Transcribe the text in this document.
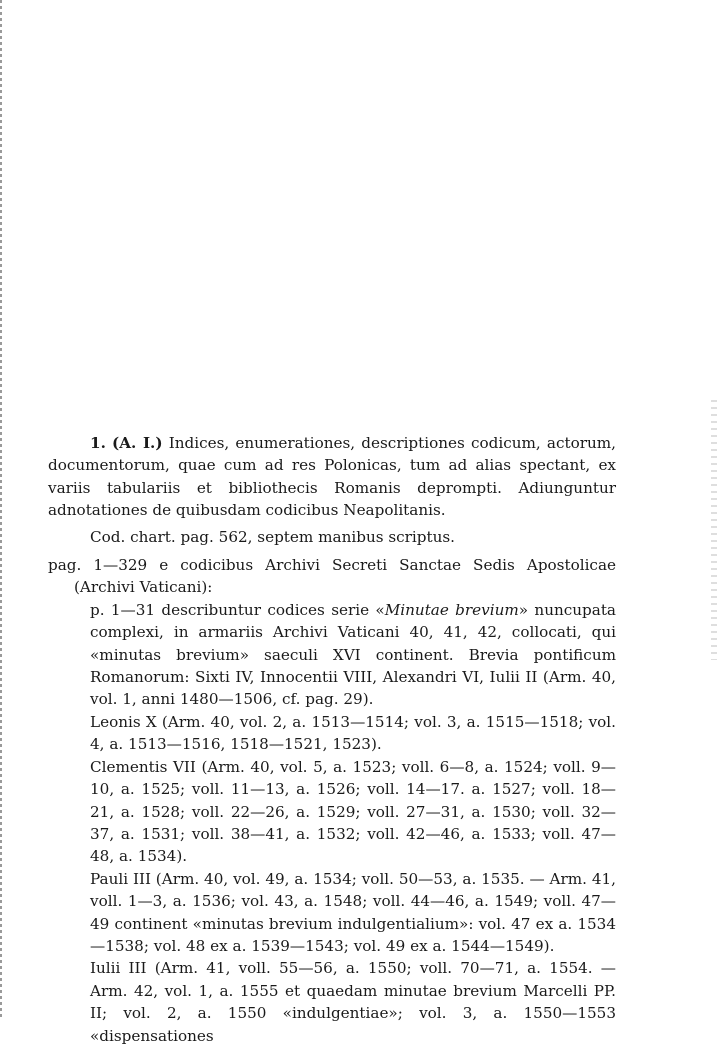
1. (A. I.) Indices, enumerationes, descriptiones codicum, actorum, documentorum, quae cum ad res Polonicas, tum ad alias spectant, ex variis tabulariis et bibliothecis Romanis deprompti. Adiunguntur adnotationes de quibusdam codicibus Neapolitanis.

Cod. chart. pag. 562, septem manibus scriptus.

pag. 1—329 e codicibus Archivi Secreti Sanctae Sedis Apostolicae (Archivi Vaticani):

p. 1—31 describuntur codices serie «Minutae brevium» nuncupata complexi, in armariis Archivi Vaticani 40, 41, 42, collocati, qui «minutas brevium» saeculi XVI continent. Brevia pontificum Romanorum: Sixti IV, Innocentii VIII, Alexandri VI, Iulii II (Arm. 40, vol. 1, anni 1480—1506, cf. pag. 29).

Leonis X (Arm. 40, vol. 2, a. 1513—1514; vol. 3, a. 1515—1518; vol. 4, a. 1513—1516, 1518—1521, 1523).

Clementis VII (Arm. 40, vol. 5, a. 1523; voll. 6—8, a. 1524; voll. 9—10, a. 1525; voll. 11—13, a. 1526; voll. 14—17. a. 1527; voll. 18—21, a. 1528; voll. 22—26, a. 1529; voll. 27—31, a. 1530; voll. 32—37, a. 1531; voll. 38—41, a. 1532; voll. 42—46, a. 1533; voll. 47—48, a. 1534).

Pauli III (Arm. 40, vol. 49, a. 1534; voll. 50—53, a. 1535. — Arm. 41, voll. 1—3, a. 1536; vol. 43, a. 1548; voll. 44—46, a. 1549; voll. 47—49 continent «minutas brevium indulgentialium»: vol. 47 ex a. 1534—1538; vol. 48 ex a. 1539—1543; vol. 49 ex a. 1544—1549).

Iulii III (Arm. 41, voll. 55—56, a. 1550; voll. 70—71, a. 1554. — Arm. 42, vol. 1, a. 1555 et quaedam minutae brevium Marcelli PP. II; vol. 2, a. 1550 «indulgentiae»; vol. 3, a. 1550—1553 «dispensationes
